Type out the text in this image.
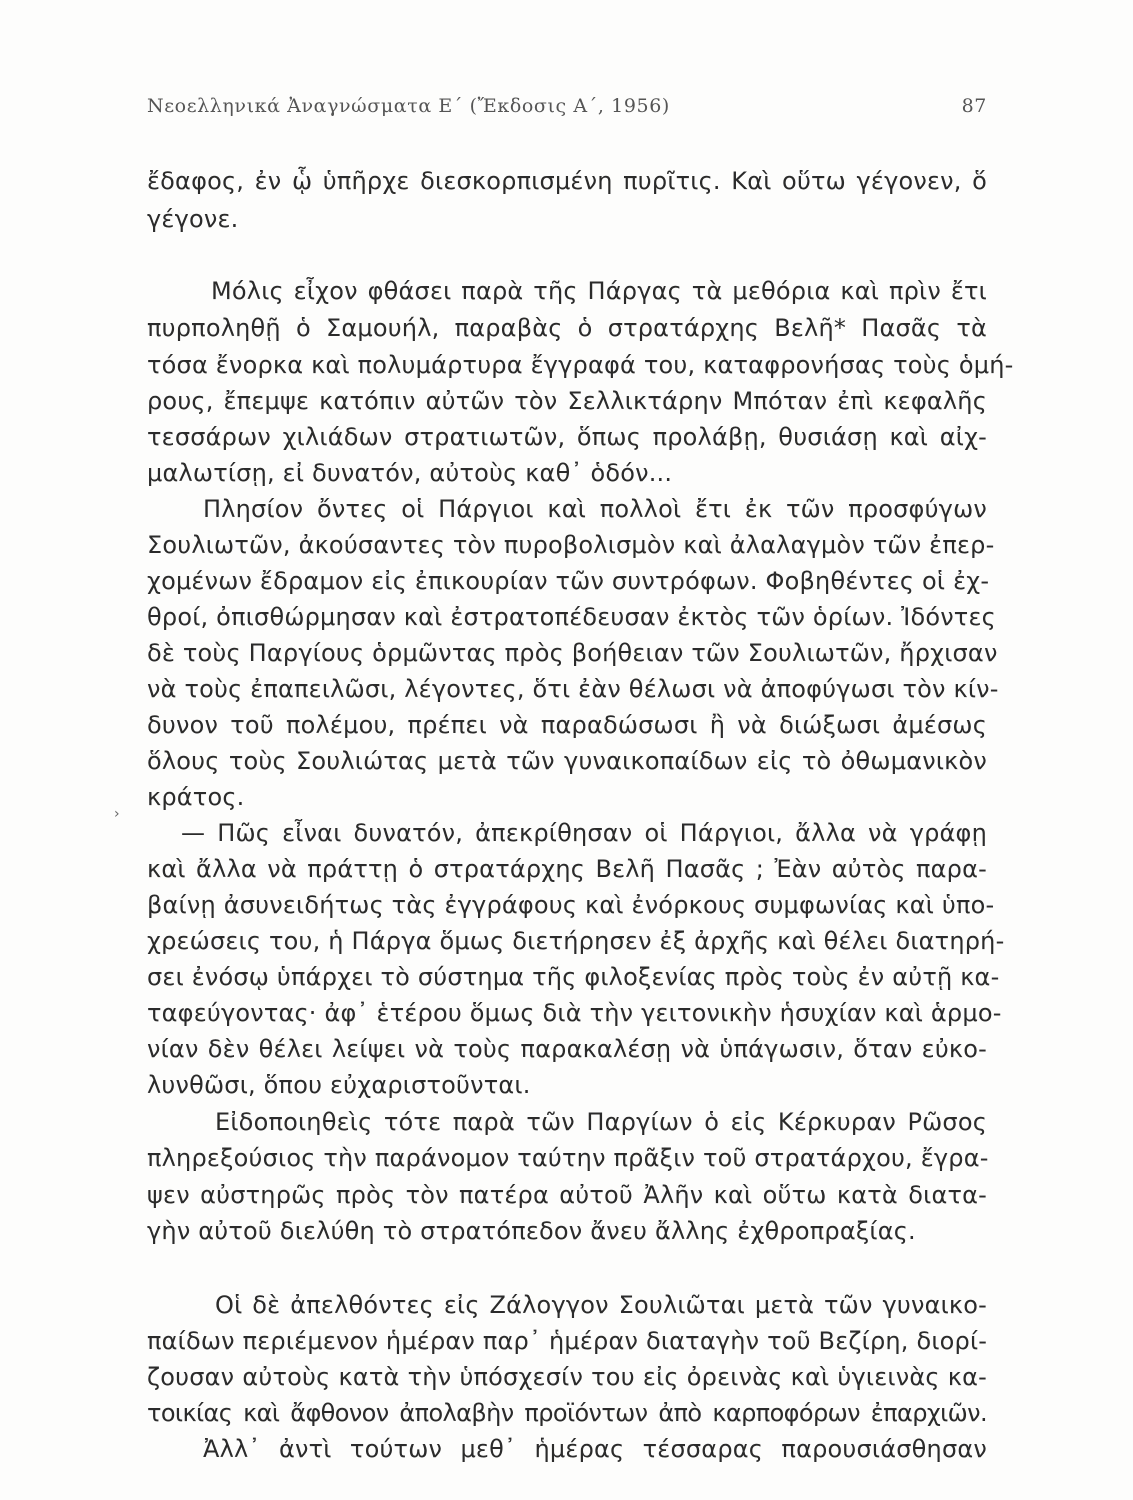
Νεοελληνικά Ἀναγνώσματα Ε΄ (Ἔκδοσις Α΄, 1956)	87
›
ἔδαφος, ἐν ᾧ ὑπῆρχε διεσκορπισμένη πυρῖτις. Καὶ οὕτω γέγονεν, ὅ
γέγονε.
Μόλις εἶχον φθάσει παρὰ τῆς Πάργας τὰ μεθόρια καὶ πρὶν ἔτι
πυρποληθῇ ὁ Σαμουήλ, παραβὰς ὁ στρατάρχης Βελῆ* Πασᾶς τὰ
τόσα ἔνορκα καὶ πολυμάρτυρα ἔγγραφά του, καταφρονήσας τοὺς ὁμή-
ρους, ἔπεμψε κατόπιν αὐτῶν τὸν Σελλικτάρην Μπόταν ἐπὶ κεφαλῆς
τεσσάρων χιλιάδων στρατιωτῶν, ὅπως προλάβῃ, θυσιάσῃ καὶ αἰχ-
μαλωτίσῃ, εἰ δυνατόν, αὐτοὺς καθ᾽ ὁδόν...
Πλησίον ὄντες οἱ Πάργιοι καὶ πολλοὶ ἔτι ἐκ τῶν προσφύγων
Σουλιωτῶν, ἀκούσαντες τὸν πυροβολισμὸν καὶ ἀλαλαγμὸν τῶν ἐπερ-
χομένων ἔδραμον εἰς ἐπικουρίαν τῶν συντρόφων. Φοβηθέντες οἱ ἐχ-
θροί, ὀπισθώρμησαν καὶ ἐστρατοπέδευσαν ἐκτὸς τῶν ὁρίων. Ἰδόντες
δὲ τοὺς Παργίους ὁρμῶντας πρὸς βοήθειαν τῶν Σουλιωτῶν, ἤρχισαν
νὰ τοὺς ἐπαπειλῶσι, λέγοντες, ὅτι ἐὰν θέλωσι νὰ ἀποφύγωσι τὸν κίν-
δυνον τοῦ πολέμου, πρέπει νὰ παραδώσωσι ἢ νὰ διώξωσι ἀμέσως
ὅλους τοὺς Σουλιώτας μετὰ τῶν γυναικοπαίδων εἰς τὸ ὀθωμανικὸν
κράτος.
— Πῶς εἶναι δυνατόν, ἀπεκρίθησαν οἱ Πάργιοι, ἄλλα νὰ γράφῃ
καὶ ἄλλα νὰ πράττῃ ὁ στρατάρχης Βελῆ Πασᾶς ; Ἐὰν αὐτὸς παρα-
βαίνῃ ἀσυνειδήτως τὰς ἐγγράφους καὶ ἐνόρκους συμφωνίας καὶ ὑπο-
χρεώσεις του, ἡ Πάργα ὅμως διετήρησεν ἐξ ἀρχῆς καὶ θέλει διατηρή-
σει ἐνόσῳ ὑπάρχει τὸ σύστημα τῆς φιλοξενίας πρὸς τοὺς ἐν αὐτῇ κα-
ταφεύγοντας· ἀφ᾽ ἑτέρου ὅμως διὰ τὴν γειτονικὴν ἡσυχίαν καὶ ἁρμο-
νίαν δὲν θέλει λείψει νὰ τοὺς παρακαλέσῃ νὰ ὑπάγωσιν, ὅταν εὐκο-
λυνθῶσι, ὅπου εὐχαριστοῦνται.
Εἰδοποιηθεὶς τότε παρὰ τῶν Παργίων ὁ εἰς Κέρκυραν Ρῶσος
πληρεξούσιος τὴν παράνομον ταύτην πρᾶξιν τοῦ στρατάρχου, ἔγρα-
ψεν αὐστηρῶς πρὸς τὸν πατέρα αὐτοῦ Ἀλῆν καὶ οὕτω κατὰ διατα-
γὴν αὐτοῦ διελύθη τὸ στρατόπεδον ἄνευ ἄλλης ἐχθροπραξίας.
Οἱ δὲ ἀπελθόντες εἰς Ζάλογγον Σουλιῶται μετὰ τῶν γυναικο-
παίδων περιέμενον ἡμέραν παρ᾽ ἡμέραν διαταγὴν τοῦ Βεζίρη, διορί-
ζουσαν αὐτοὺς κατὰ τὴν ὑπόσχεσίν του εἰς ὀρεινὰς καὶ ὑγιεινὰς κα-
τοικίας καὶ ἄφθονον ἀπολαβὴν προϊόντων ἀπὸ καρποφόρων ἐπαρχιῶν.
Ἀλλ᾽ ἀντὶ τούτων μεθ᾽ ἡμέρας τέσσαρας παρουσιάσθησαν
